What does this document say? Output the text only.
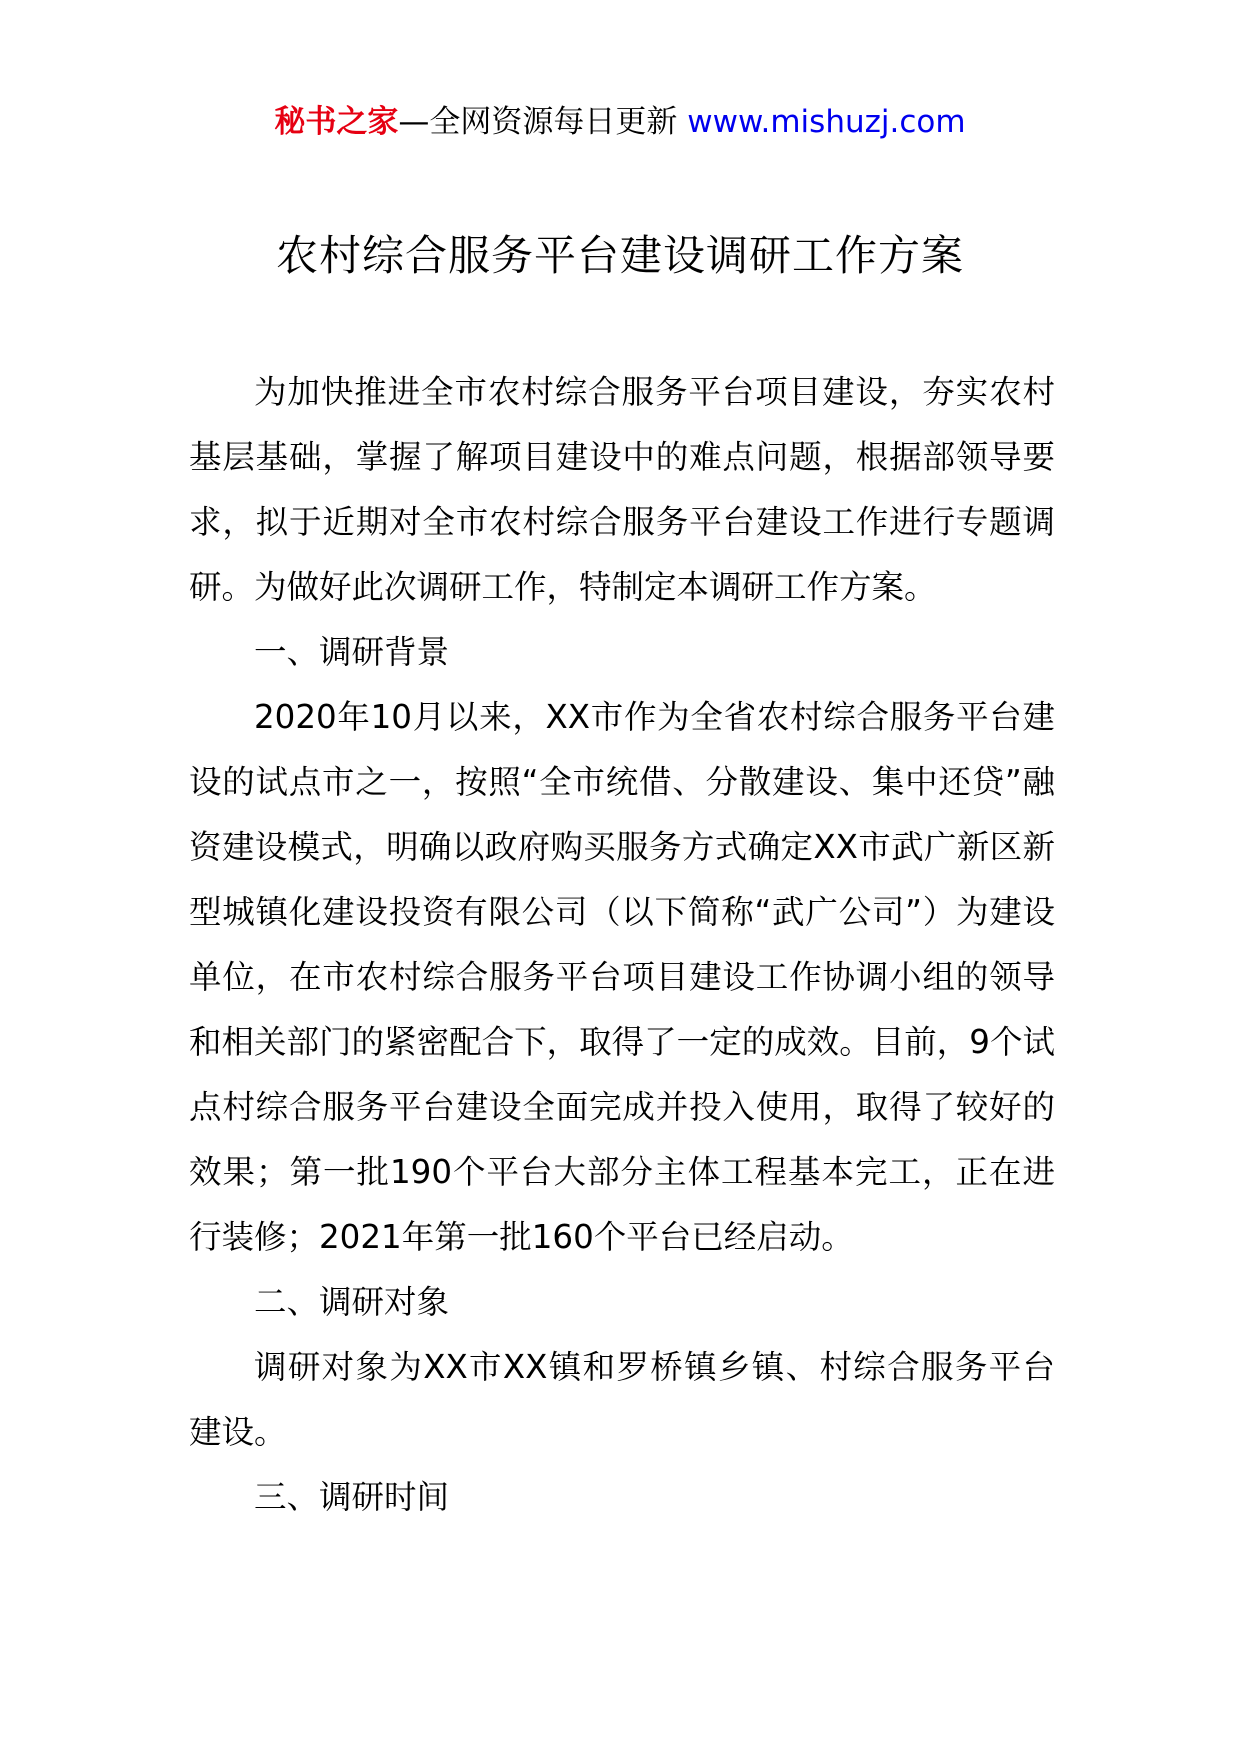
秘书之家—全网资源每日更新 www.mishuzj.com
农村综合服务平台建设调研工作方案

为加快推进全市农村综合服务平台项目建设，夯实农村基层基础，掌握了解项目建设中的难点问题，根据部领导要求，拟于近期对全市农村综合服务平台建设工作进行专题调研。为做好此次调研工作，特制定本调研工作方案。

一、调研背景

2020年10月以来，XX市作为全省农村综合服务平台建设的试点市之一，按照“全市统借、分散建设、集中还贷”融资建设模式，明确以政府购买服务方式确定XX市武广新区新型城镇化建设投资有限公司（以下简称“武广公司”）为建设单位，在市农村综合服务平台项目建设工作协调小组的领导和相关部门的紧密配合下，取得了一定的成效。目前，9个试点村综合服务平台建设全面完成并投入使用，取得了较好的效果；第一批190个平台大部分主体工程基本完工，正在进行装修；2021年第一批160个平台已经启动。

二、调研对象

调研对象为XX市XX镇和罗桥镇乡镇、村综合服务平台建设。

三、调研时间
